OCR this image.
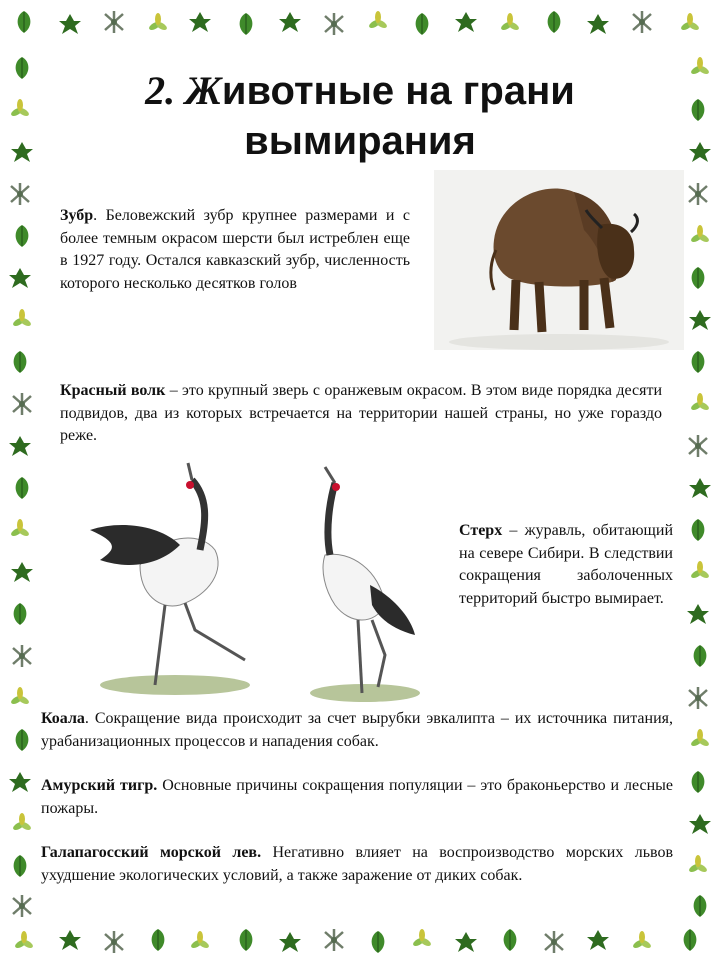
2. Животные на грани вымирания

Зубр. Беловежский зубр крупнее размерами и с более темным окрасом шерсти был истреблен еще в 1927 году. Остался кавказский зубр, численность которого несколько десятков голов

Красный волк – это крупный зверь с оранжевым окрасом. В этом виде порядка десяти подвидов, два из которых встречается на территории нашей страны, но уже гораздо реже.

Стерх – журавль, обитающий на севере Сибири. В следствии сокращения заболоченных территорий быстро вымирает.

Коала. Сокращение вида происходит за счет вырубки эвкалипта – их источника питания, урабанизационных процессов и нападения собак.

Амурский тигр. Основные причины сокращения популяции – это браконьерство и лесные пожары.

Галапагосский морской лев. Негативно влияет на воспроизводство морских львов ухудшение экологических условий, а также заражение от диких собак.
